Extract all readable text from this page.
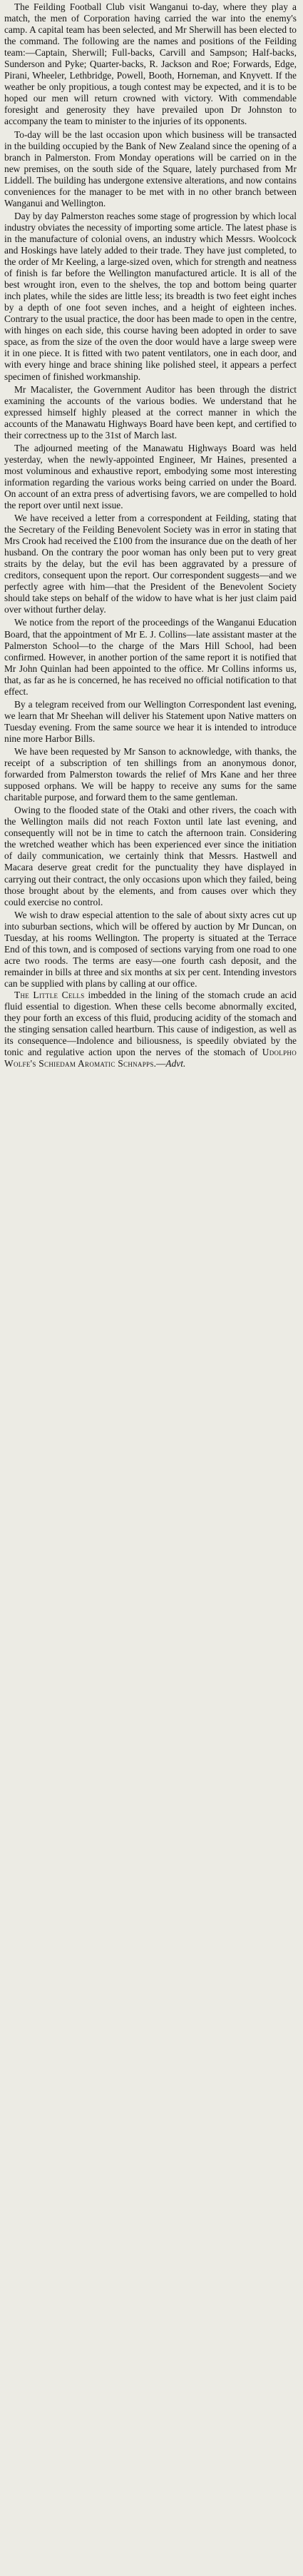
The Feilding Football Club visit Wanganui to-day, where they play a match, the men of Corporation having carried the war into the enemy's camp. A capital team has been selected, and Mr Sherwill has been elected to the command. The following are the names and positions of the Feilding team:—Captain, Sherwill; Full-backs, Carvill and Sampson; Half-backs, Sunderson and Pyke; Quarter-backs, R. Jackson and Roe; Forwards, Edge, Pirani, Wheeler, Lethbridge, Powell, Booth, Horneman, and Knyvett. If the weather be only propitious, a tough contest may be expected, and it is to be hoped our men will return crowned with victory. With commendable foresight and generosity they have prevailed upon Dr Johnston to accompany the team to minister to the injuries of its opponents.

To-day will be the last occasion upon which business will be transacted in the building occupied by the Bank of New Zealand since the opening of a branch in Palmerston. From Monday operations will be carried on in the new premises, on the south side of the Square, lately purchased from Mr Liddell. The building has undergone extensive alterations, and now contains conveniences for the manager to be met with in no other branch between Wanganui and Wellington.

Day by day Palmerston reaches some stage of progression by which local industry obviates the necessity of importing some article. The latest phase is in the manufacture of colonial ovens, an industry which Messrs. Woolcock and Hoskings have lately added to their trade. They have just completed, to the order of Mr Keeling, a large-sized oven, which for strength and neatness of finish is far before the Wellington manufactured article. It is all of the best wrought iron, even to the shelves, the top and bottom being quarter inch plates, while the sides are little less; its breadth is two feet eight inches by a depth of one foot seven inches, and a height of eighteen inches. Contrary to the usual practice, the door has been made to open in the centre, with hinges on each side, this course having been adopted in order to save space, as from the size of the oven the door would have a large sweep were it in one piece. It is fitted with two patent ventilators, one in each door, and with every hinge and brace shining like polished steel, it appears a perfect specimen of finished workmanship.

Mr Macalister, the Government Auditor has been through the district examining the accounts of the various bodies. We understand that he expressed himself highly pleased at the correct manner in which the accounts of the Manawatu Highways Board have been kept, and certified to their correctness up to the 31st of March last.

The adjourned meeting of the Manawatu Highways Board was held yesterday, when the newly-appointed Engineer, Mr Haines, presented a most voluminous and exhaustive report, embodying some most interesting information regarding the various works being carried on under the Board. On account of an extra press of advertising favors, we are compelled to hold the report over until next issue.

We have received a letter from a correspondent at Feilding, stating that the Secretary of the Feilding Benevolent Society was in error in stating that Mrs Crook had received the £100 from the insurance due on the death of her husband. On the contrary the poor woman has only been put to very great straits by the delay, but the evil has been aggravated by a pressure of creditors, consequent upon the report. Our correspondent suggests—and we perfectly agree with him—that the President of the Benevolent Society should take steps on behalf of the widow to have what is her just claim paid over without further delay.

We notice from the report of the proceedings of the Wanganui Education Board, that the appointment of Mr E. J. Collins—late assistant master at the Palmerston School—to the charge of the Mars Hill School, had been confirmed. However, in another portion of the same report it is notified that Mr John Quinlan had been appointed to the office. Mr Collins informs us, that, as far as he is concerned, he has received no official notification to that effect.

By a telegram received from our Wellington Correspondent last evening, we learn that Mr Sheehan will deliver his Statement upon Native matters on Tuesday evening. From the same source we hear it is intended to introduce nine more Harbor Bills.

We have been requested by Mr Sanson to acknowledge, with thanks, the receipt of a subscription of ten shillings from an anonymous donor, forwarded from Palmerston towards the relief of Mrs Kane and her three supposed orphans. We will be happy to receive any sums for the same charitable purpose, and forward them to the same gentleman.

Owing to the flooded state of the Otaki and other rivers, the coach with the Wellington mails did not reach Foxton until late last evening, and consequently will not be in time to catch the afternoon train. Considering the wretched weather which has been experienced ever since the initiation of daily communication, we certainly think that Messrs. Hastwell and Macara deserve great credit for the punctuality they have displayed in carrying out their contract, the only occasions upon which they failed, being those brought about by the elements, and from causes over which they could exercise no control.

We wish to draw especial attention to the sale of about sixty acres cut up into suburban sections, which will be offered by auction by Mr Duncan, on Tuesday, at his rooms Wellington. The property is situated at the Terrace End of this town, and is composed of sections varying from one road to one acre two roods. The terms are easy—one fourth cash deposit, and the remainder in bills at three and six months at six per cent. Intending investors can be supplied with plans by calling at our office.

The Little Cells imbedded in the lining of the stomach crude an acid fluid essential to digestion. When these cells become abnormally excited, they pour forth an excess of this fluid, producing acidity of the stomach and the stinging sensation called heartburn. This cause of indigestion, as well as its consequence—Indolence and biliousness, is speedily obviated by the tonic and regulative action upon the nerves of the stomach of Udolpho Wolfe's Schiedam Aromatic Schnapps.—Advt.
